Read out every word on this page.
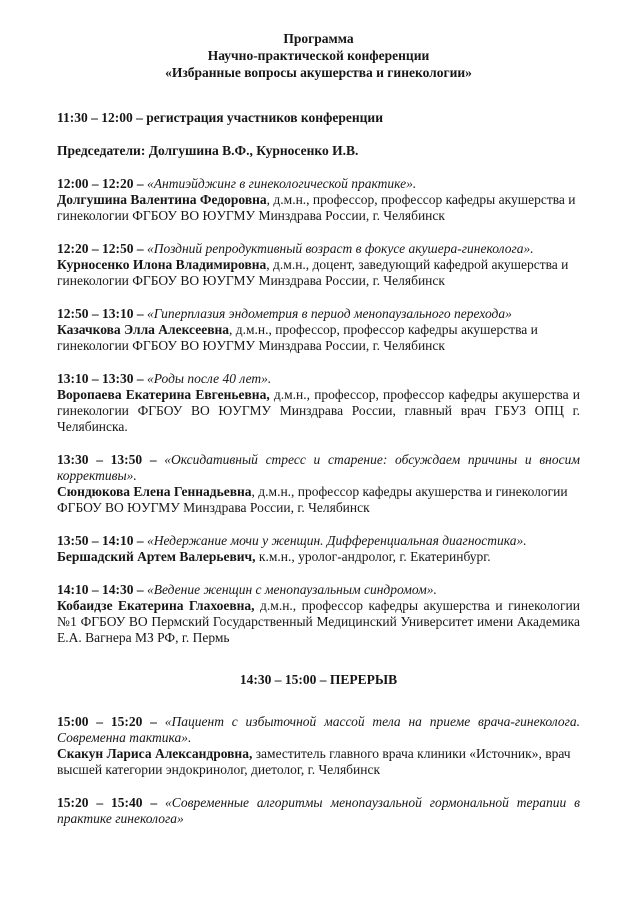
Программа
Научно-практической конференции
«Избранные вопросы акушерства и гинекологии»

11:30 – 12:00 – регистрация участников конференции

Председатели: Долгушина В.Ф., Курносенко И.В.

12:00 – 12:20 – «Антиэйджинг в гинекологической практике».

Долгушина Валентина Федоровна, д.м.н., профессор, профессор кафедры акушерства и гинекологии ФГБОУ ВО ЮУГМУ Минздрава России, г. Челябинск

12:20 – 12:50 – «Поздний репродуктивный возраст в фокусе акушера-гинеколога».

Курносенко Илона Владимировна, д.м.н., доцент, заведующий кафедрой акушерства и гинекологии ФГБОУ ВО ЮУГМУ Минздрава России, г. Челябинск

12:50 – 13:10 – «Гиперплазия эндометрия в период менопаузального перехода»

Казачкова Элла Алексеевна, д.м.н., профессор, профессор кафедры акушерства и гинекологии ФГБОУ ВО ЮУГМУ Минздрава России, г. Челябинск

13:10 – 13:30 – «Роды после 40 лет».

Воропаева Екатерина Евгеньевна, д.м.н., профессор, профессор кафедры акушерства и гинекологии ФГБОУ ВО ЮУГМУ Минздрава России, главный врач ГБУЗ ОПЦ г. Челябинска.

13:30 – 13:50 – «Оксидативный стресс и старение: обсуждаем причины и вносим коррективы».

Сюндюкова Елена Геннадьевна, д.м.н., профессор кафедры акушерства и гинекологии ФГБОУ ВО ЮУГМУ Минздрава России, г. Челябинск

13:50 – 14:10 – «Недержание мочи у женщин. Дифференциальная диагностика».

Бершадский Артем Валерьевич, к.м.н., уролог-андролог, г. Екатеринбург.

14:10 – 14:30 – «Ведение женщин с менопаузальным синдромом».

Кобаидзе Екатерина Глахоевна, д.м.н., профессор кафедры акушерства и гинекологии №1 ФГБОУ ВО Пермский Государственный Медицинский Университет имени Академика Е.А. Вагнера МЗ РФ, г. Пермь

14:30 – 15:00 – ПЕРЕРЫВ

15:00 – 15:20 – «Пациент с избыточной массой тела на приеме врача-гинеколога. Современна тактика».

Скакун Лариса Александровна, заместитель главного врача клиники «Источник», врач высшей категории эндокринолог, диетолог, г. Челябинск

15:20 – 15:40 – «Современные алгоритмы менопаузальной гормональной терапии в практике гинеколога»
